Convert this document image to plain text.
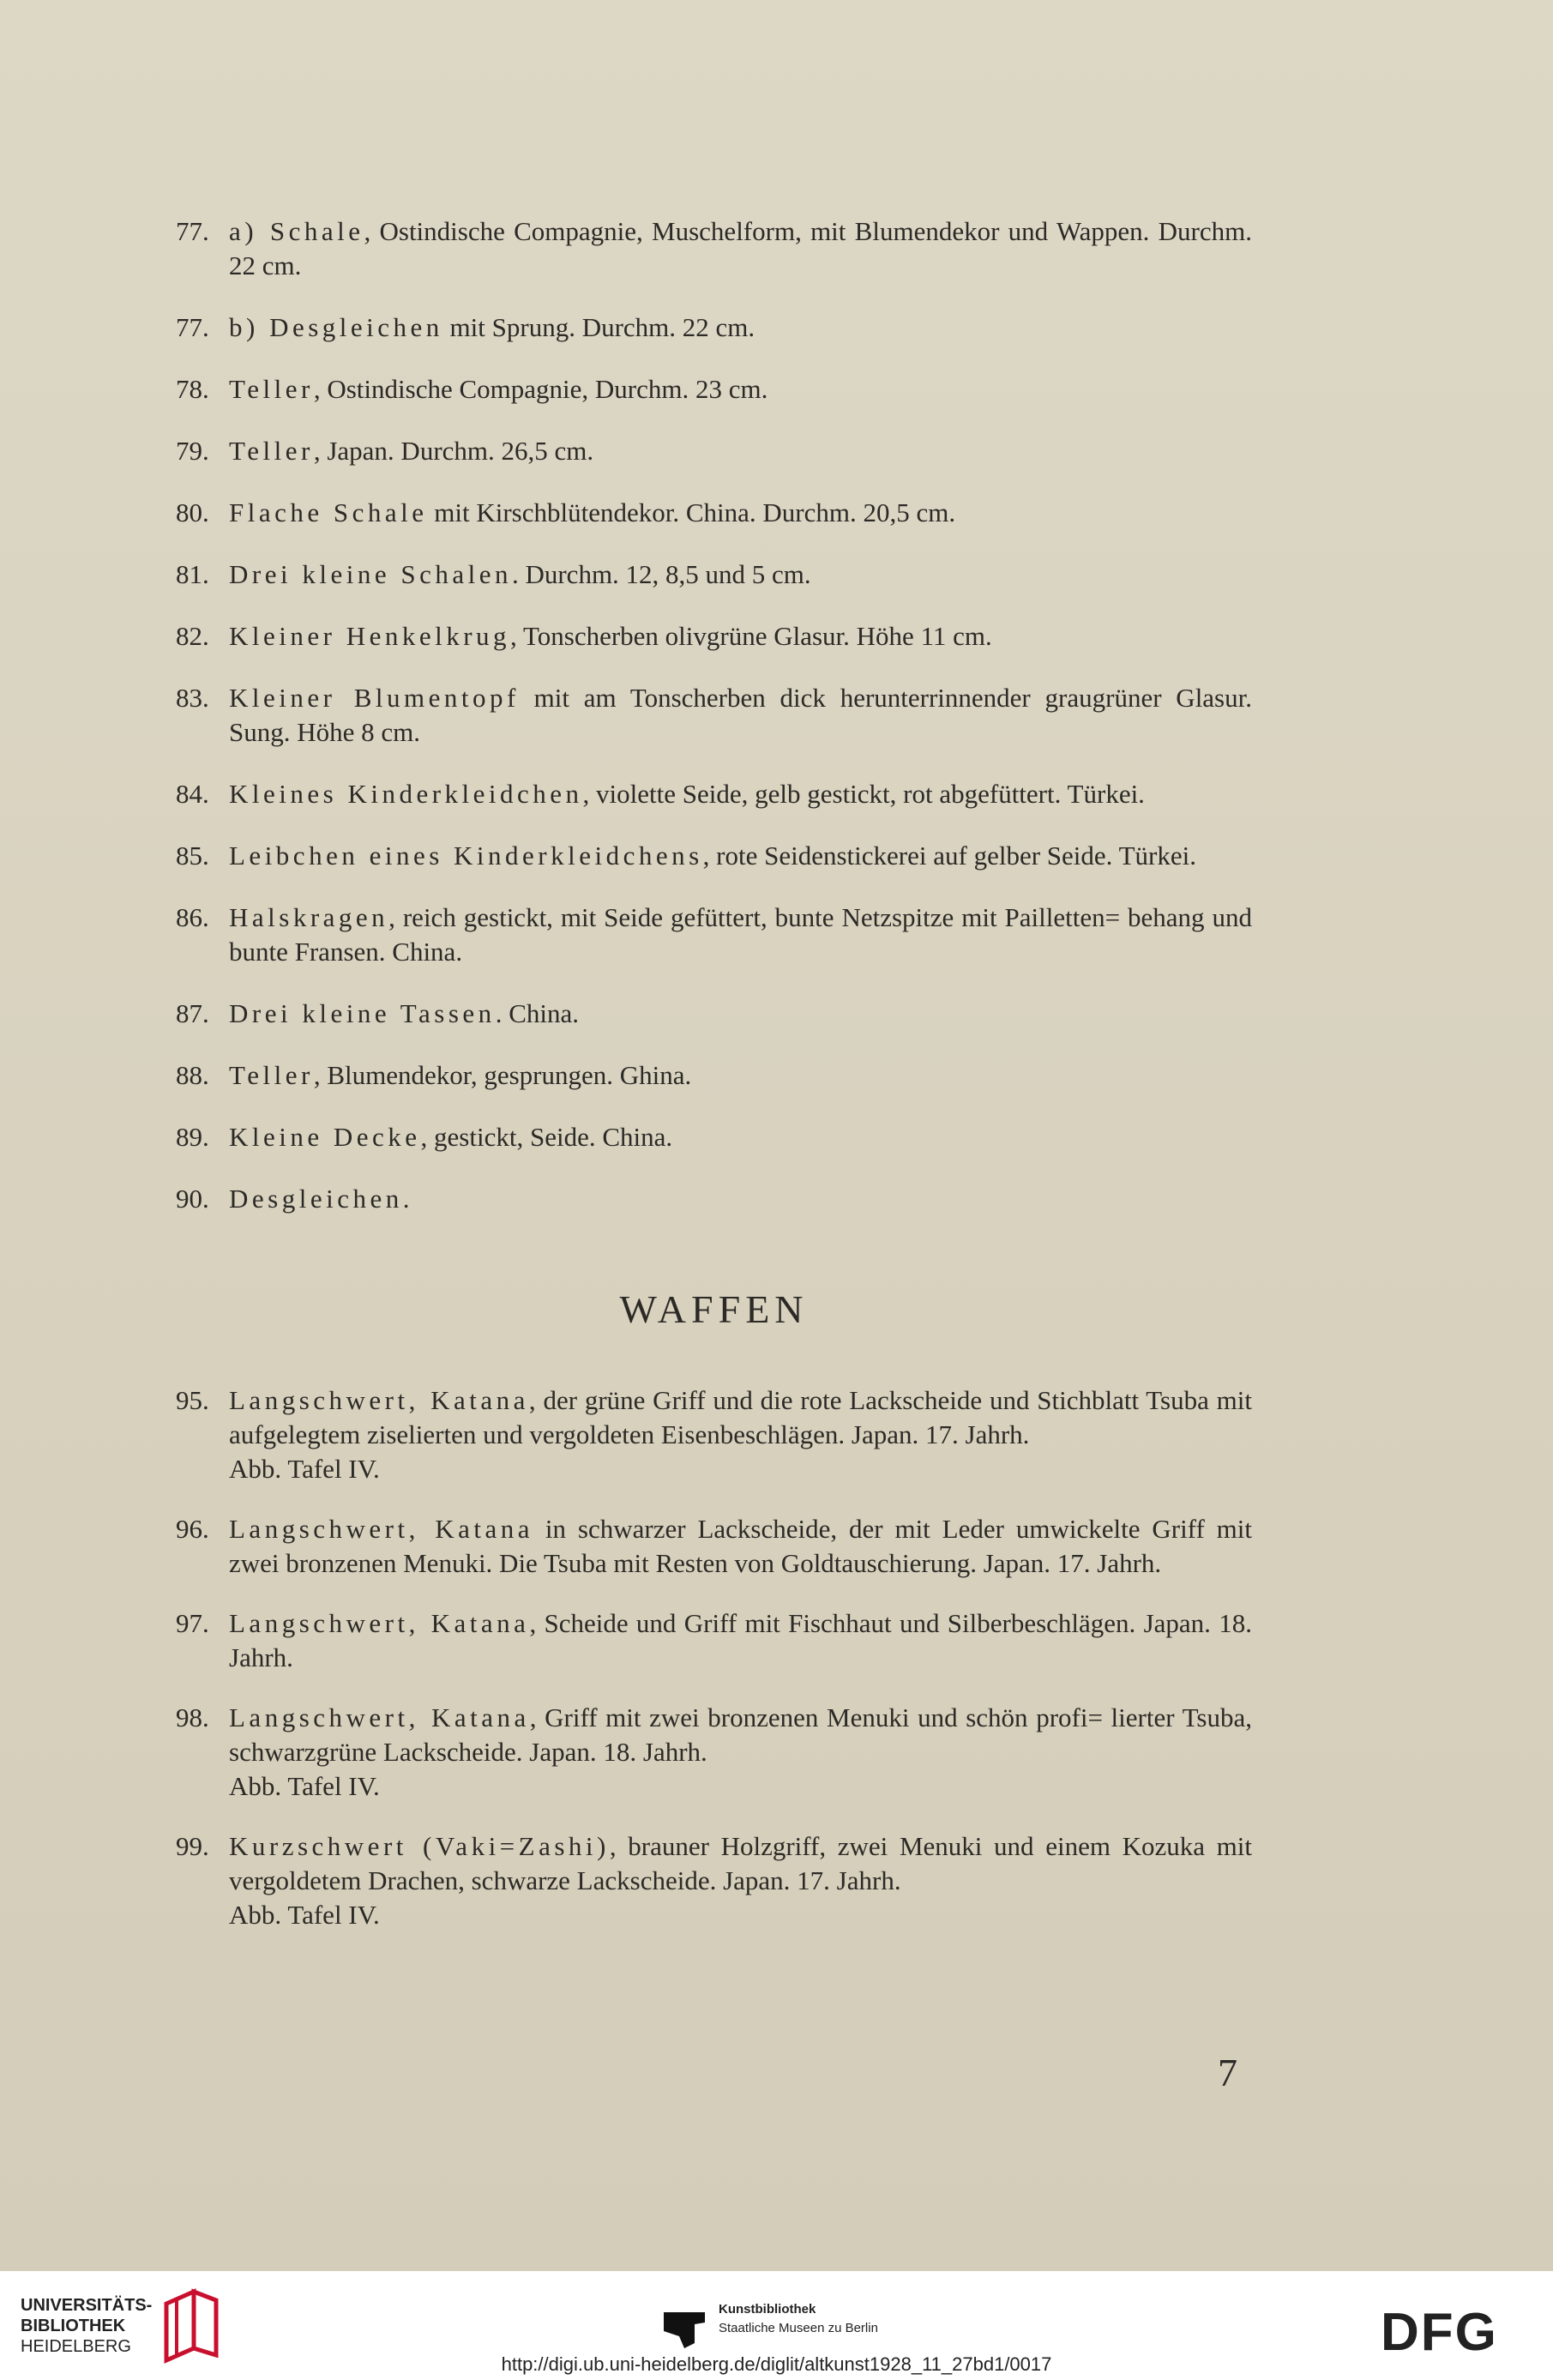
77. a) Schale, Ostindische Compagnie, Muschelform, mit Blumendekor und Wappen. Durchm. 22 cm.
77. b) Desgleichen mit Sprung. Durchm. 22 cm.
78. Teller, Ostindische Compagnie, Durchm. 23 cm.
79. Teller, Japan. Durchm. 26,5 cm.
80. Flache Schale mit Kirschblütendekor. China. Durchm. 20,5 cm.
81. Drei kleine Schalen. Durchm. 12, 8,5 und 5 cm.
82. Kleiner Henkelkrug, Tonscherben olivgrüne Glasur. Höhe 11 cm.
83. Kleiner Blumentopf mit am Tonscherben dick herunterrinnender graugrüner Glasur. Sung. Höhe 8 cm.
84. Kleines Kinderkleidchen, violette Seide, gelb gestickt, rot abgefüttert. Türkei.
85. Leibchen eines Kinderkleidchens, rote Seidenstickerei auf gelber Seide. Türkei.
86. Halskragen, reich gestickt, mit Seide gefüttert, bunte Netzspitze mit Pailletten= behang und bunte Fransen. China.
87. Drei kleine Tassen. China.
88. Teller, Blumendekor, gesprungen. Ghina.
89. Kleine Decke, gestickt, Seide. China.
90. Desgleichen.
WAFFEN
95. Langschwert, Katana, der grüne Griff und die rote Lackscheide und Stichblatt Tsuba mit aufgelegtem ziselierten und vergoldeten Eisenbeschlägen. Japan. 17. Jahrh.
Abb. Tafel IV.
96. Langschwert, Katana in schwarzer Lackscheide, der mit Leder umwickelte Griff mit zwei bronzenen Menuki. Die Tsuba mit Resten von Goldtauschierung. Japan. 17. Jahrh.
97. Langschwert, Katana, Scheide und Griff mit Fischhaut und Silberbeschlägen. Japan. 18. Jahrh.
98. Langschwert, Katana, Griff mit zwei bronzenen Menuki und schön profi= lierter Tsuba, schwarzgrüne Lackscheide. Japan. 18. Jahrh.
Abb. Tafel IV.
99. Kurzschwert (Vaki=Zashi), brauner Holzgriff, zwei Menuki und einem Kozuka mit vergoldetem Drachen, schwarze Lackscheide. Japan. 17. Jahrh.
Abb. Tafel IV.
7
UNIVERSITÄTS-
BIBLIOTHEK
HEIDELBERG
Kunstbibliothek
Staatliche Museen zu Berlin	DFG
http://digi.ub.uni-heidelberg.de/diglit/altkunst1928_11_27bd1/0017
